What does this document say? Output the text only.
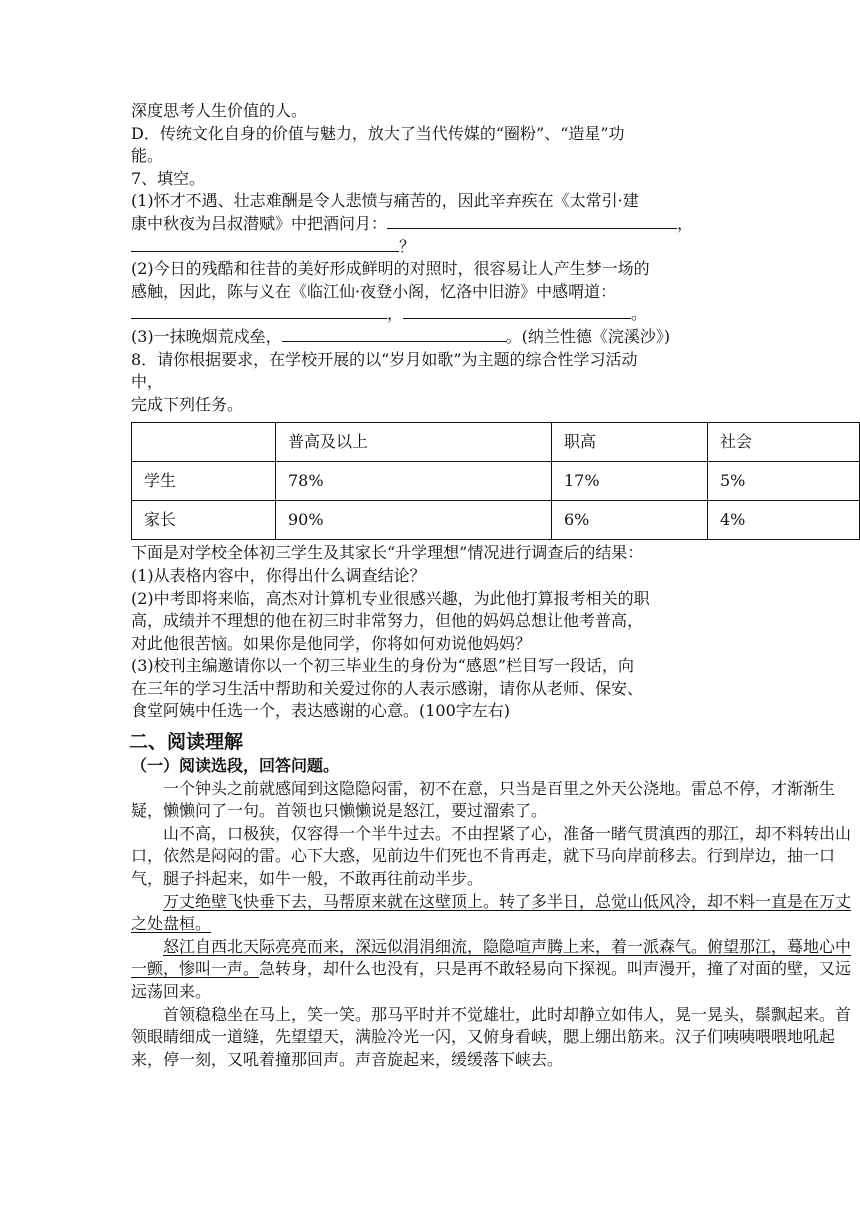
深度思考人生价值的人。

D．传统文化自身的价值与魅力，放大了当代传媒的“圈粉”、“造星”功

能。

7、填空。

(1)怀才不遇、壮志难酬是令人悲愤与痛苦的，因此辛弃疾在《太常引·建

康中秋夜为吕叔潜赋》中把酒问月：	，

？

(2)今日的残酷和往昔的美好形成鲜明的对照时，很容易让人产生梦一场的

感触，因此，陈与义在《临江仙·夜登小阁，忆洛中旧游》中感喟道：

，	。

(3)一抹晚烟荒戍垒，	。(纳兰性德《浣溪沙》)

8．请你根据要求，在学校开展的以“岁月如歌”为主题的综合性学习活动

中，

完成下列任务。

	普高及以上	职高	社会
学生	78%	17%	5%
家长	90%	6%	4%

下面是对学校全体初三学生及其家长“升学理想”情况进行调查后的结果：

(1)从表格内容中，你得出什么调查结论？

(2)中考即将来临，高杰对计算机专业很感兴趣，为此他打算报考相关的职

高，成绩并不理想的他在初三时非常努力，但他的妈妈总想让他考普高，

对此他很苦恼。如果你是他同学，你将如何劝说他妈妈？

(3)校刊主编邀请你以一个初三毕业生的身份为“感恩”栏目写一段话，向

在三年的学习生活中帮助和关爱过你的人表示感谢，请你从老师、保安、

食堂阿姨中任选一个，表达感谢的心意。(100字左右)

二、阅读理解

（一）阅读选段，回答问题。

一个钟头之前就感闻到这隐隐闷雷，初不在意，只当是百里之外天公浇地。雷总不停，才渐渐生疑，懒懒问了一句。首领也只懒懒说是怒江，要过溜索了。

山不高，口极狭，仅容得一个半牛过去。不由捏紧了心，准备一睹气贯滇西的那江，却不料转出山口，依然是闷闷的雷。心下大惑，见前边牛们死也不肯再走，就下马向岸前移去。行到岸边，抽一口气，腿子抖起来，如牛一般，不敢再往前动半步。

万丈绝壁飞快垂下去，马帮原来就在这壁顶上。转了多半日，总觉山低风冷，却不料一直是在万丈之处盘桓。

怒江自西北天际亮亮而来，深远似涓涓细流，隐隐喧声腾上来，着一派森气。俯望那江，蓦地心中一颤，惨叫一声。急转身，却什么也没有，只是再不敢轻易向下探视。叫声漫开，撞了对面的壁，又远远荡回来。

首领稳稳坐在马上，笑一笑。那马平时并不觉雄壮，此时却静立如伟人，晃一晃头，鬃飘起来。首领眼睛细成一道缝，先望望天，满脸冷光一闪，又俯身看峡，腮上绷出筋来。汉子们咦咦喂喂地吼起来，停一刻，又吼着撞那回声。声音旋起来，缓缓落下峡去。
